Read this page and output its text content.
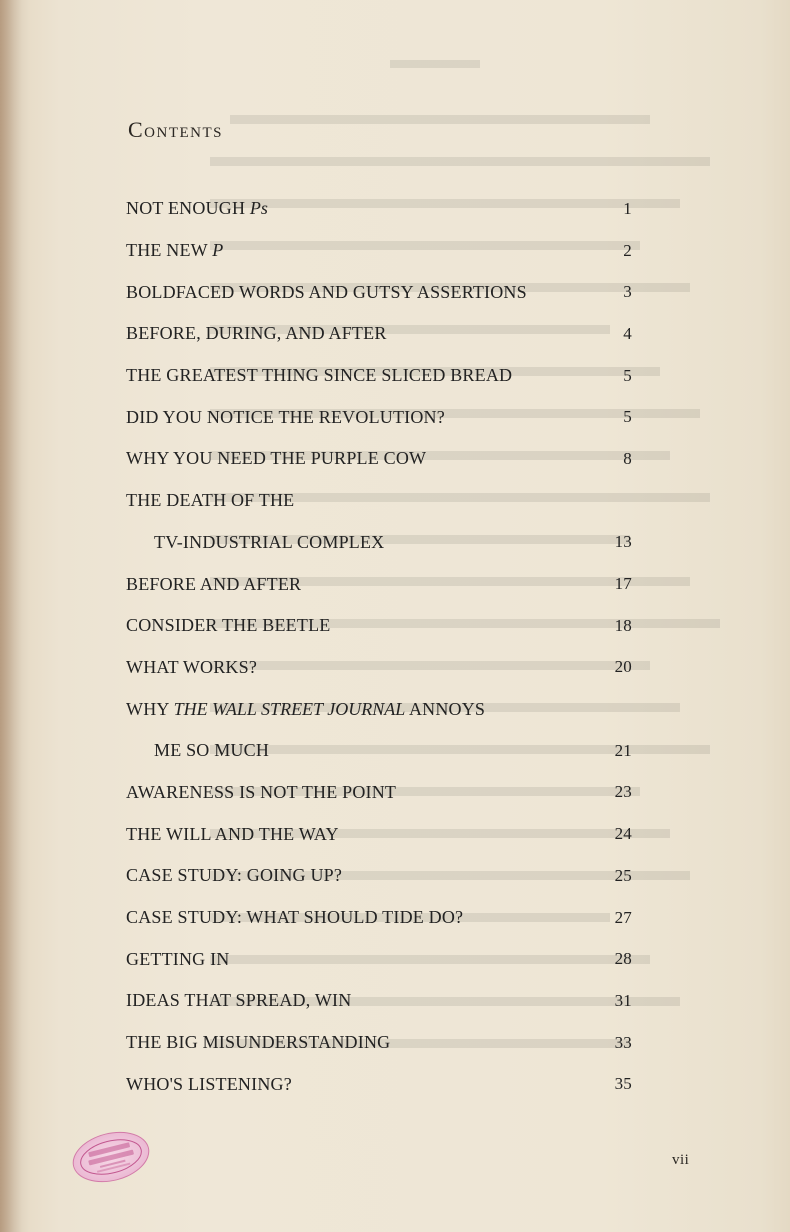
Contents
NOT ENOUGH Ps	1
THE NEW P	2
BOLDFACED WORDS AND GUTSY ASSERTIONS	3
BEFORE, DURING, AND AFTER	4
THE GREATEST THING SINCE SLICED BREAD	5
DID YOU NOTICE THE REVOLUTION?	5
WHY YOU NEED THE PURPLE COW	8
THE DEATH OF THE
TV-INDUSTRIAL COMPLEX	13
BEFORE AND AFTER	17
CONSIDER THE BEETLE	18
WHAT WORKS?	20
WHY THE WALL STREET JOURNAL ANNOYS
ME SO MUCH	21
AWARENESS IS NOT THE POINT	23
THE WILL AND THE WAY	24
CASE STUDY: GOING UP?	25
CASE STUDY: WHAT SHOULD TIDE DO?	27
GETTING IN	28
IDEAS THAT SPREAD, WIN	31
THE BIG MISUNDERSTANDING	33
WHO'S LISTENING?	35
vii
